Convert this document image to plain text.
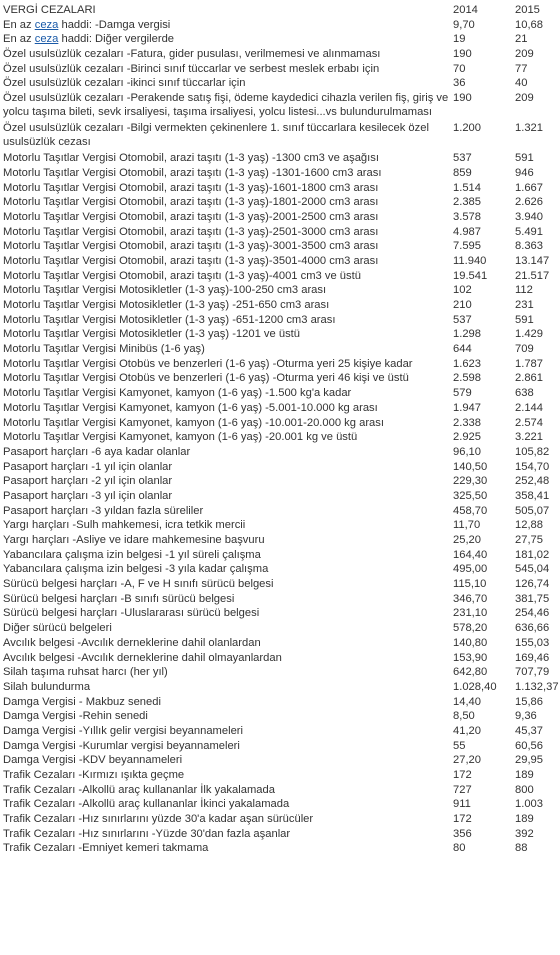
VERGİ CEZALARI	2014	2015
En az ceza haddi: -Damga vergisi	9,70	10,68
En az ceza haddi: Diğer vergilerde	19	21
Özel usulsüzlük cezaları -Fatura, gider pusulası, verilmemesi ve alınmaması	190	209
Özel usulsüzlük cezaları -Birinci sınıf tüccarlar ve serbest meslek erbabı için	70	77
Özel usulsüzlük cezaları -ikinci sınıf tüccarlar için	36	40
Özel usulsüzlük cezaları -Perakende satış fişi, ödeme kaydedici cihazla verilen fiş, giriş ve yolcu taşıma bileti, sevk irsaliyesi, taşıma irsaliyesi, yolcu listesi...vs bulundurulmaması	190	209
Özel usulsüzlük cezaları -Bilgi vermekten çekinenlere 1. sınıf tüccarlara kesilecek özel usulsüzlük cezası	1.200	1.321
Motorlu Taşıtlar Vergisi Otomobil, arazi taşıtı (1-3 yaş) -1300 cm3 ve aşağısı	537	591
Motorlu Taşıtlar Vergisi Otomobil, arazi taşıtı (1-3 yaş) -1301-1600 cm3 arası	859	946
Motorlu Taşıtlar Vergisi Otomobil, arazi taşıtı (1-3 yaş)-1601-1800 cm3 arası	1.514	1.667
Motorlu Taşıtlar Vergisi Otomobil, arazi taşıtı (1-3 yaş)-1801-2000 cm3 arası	2.385	2.626
Motorlu Taşıtlar Vergisi Otomobil, arazi taşıtı (1-3 yaş)-2001-2500 cm3 arası	3.578	3.940
Motorlu Taşıtlar Vergisi Otomobil, arazi taşıtı (1-3 yaş)-2501-3000 cm3 arası	4.987	5.491
Motorlu Taşıtlar Vergisi Otomobil, arazi taşıtı (1-3 yaş)-3001-3500 cm3 arası	7.595	8.363
Motorlu Taşıtlar Vergisi Otomobil, arazi taşıtı (1-3 yaş)-3501-4000 cm3 arası	11.940	13.147
Motorlu Taşıtlar Vergisi Otomobil, arazi taşıtı (1-3 yaş)-4001 cm3 ve üstü	19.541	21.517
Motorlu Taşıtlar Vergisi Motosikletler (1-3 yaş)-100-250 cm3 arası	102	112
Motorlu Taşıtlar Vergisi Motosikletler (1-3 yaş) -251-650 cm3 arası	210	231
Motorlu Taşıtlar Vergisi Motosikletler (1-3 yaş) -651-1200 cm3 arası	537	591
Motorlu Taşıtlar Vergisi Motosikletler (1-3 yaş) -1201 ve üstü	1.298	1.429
Motorlu Taşıtlar Vergisi Minibüs (1-6 yaş)	644	709
Motorlu Taşıtlar Vergisi Otobüs ve benzerleri (1-6 yaş) -Oturma yeri 25 kişiye kadar	1.623	1.787
Motorlu Taşıtlar Vergisi Otobüs ve benzerleri (1-6 yaş) -Oturma yeri 46 kişi ve üstü	2.598	2.861
Motorlu Taşıtlar Vergisi Kamyonet, kamyon (1-6 yaş) -1.500 kg'a kadar	579	638
Motorlu Taşıtlar Vergisi Kamyonet, kamyon (1-6 yaş) -5.001-10.000 kg arası	1.947	2.144
Motorlu Taşıtlar Vergisi Kamyonet, kamyon (1-6 yaş) -10.001-20.000 kg arası	2.338	2.574
Motorlu Taşıtlar Vergisi Kamyonet, kamyon (1-6 yaş) -20.001 kg ve üstü	2.925	3.221
Pasaport harçları -6 aya kadar olanlar	96,10	105,82
Pasaport harçları -1 yıl için olanlar	140,50	154,70
Pasaport harçları -2 yıl için olanlar	229,30	252,48
Pasaport harçları -3 yıl için olanlar	325,50	358,41
Pasaport harçları -3 yıldan fazla süreliler	458,70	505,07
Yargı harçları -Sulh mahkemesi, icra tetkik mercii	11,70	12,88
Yargı harçları -Asliye ve idare mahkemesine başvuru	25,20	27,75
Yabancılara çalışma izin belgesi -1 yıl süreli çalışma	164,40	181,02
Yabancılara çalışma izin belgesi -3 yıla kadar çalışma	495,00	545,04
Sürücü belgesi harçları -A, F ve H sınıfı sürücü belgesi	115,10	126,74
Sürücü belgesi harçları -B sınıfı sürücü belgesi	346,70	381,75
Sürücü belgesi harçları -Uluslararası sürücü belgesi	231,10	254,46
Diğer sürücü belgeleri	578,20	636,66
Avcılık belgesi -Avcılık derneklerine dahil olanlardan	140,80	155,03
Avcılık belgesi -Avcılık derneklerine dahil olmayanlardan	153,90	169,46
Silah taşıma ruhsat harcı (her yıl)	642,80	707,79
Silah bulundurma	1.028,40	1.132,37
Damga Vergisi - Makbuz senedi	14,40	15,86
Damga Vergisi -Rehin senedi	8,50	9,36
Damga Vergisi -Yıllık gelir vergisi beyannameleri	41,20	45,37
Damga Vergisi -Kurumlar vergisi beyannameleri	55	60,56
Damga Vergisi -KDV beyannameleri	27,20	29,95
Trafik Cezaları -Kırmızı ışıkta geçme	172	189
Trafik Cezaları -Alkollü araç kullananlar İlk yakalamada	727	800
Trafik Cezaları -Alkollü araç kullananlar İkinci yakalamada	911	1.003
Trafik Cezaları -Hız sınırlarını yüzde 30'a kadar aşan sürücüler	172	189
Trafik Cezaları -Hız sınırlarını -Yüzde 30'dan fazla aşanlar	356	392
Trafik Cezaları -Emniyet kemeri takmama	80	88
